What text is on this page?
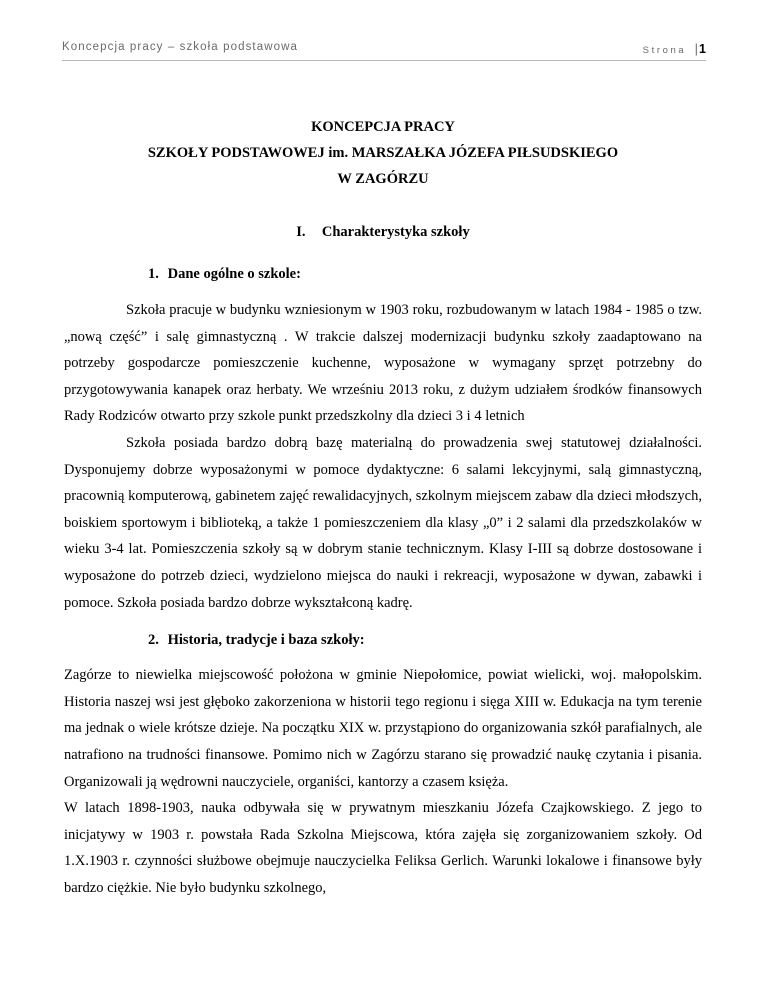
Koncepcja pracy – szkoła podstawowa	Strona |1
KONCEPCJA PRACY
SZKOŁY PODSTAWOWEJ im. MARSZAŁKA JÓZEFA PIŁSUDSKIEGO
W ZAGÓRZU
I. Charakterystyka szkoły
1. Dane ogólne o szkole:

Szkoła pracuje w budynku wzniesionym w 1903 roku, rozbudowanym w latach 1984 - 1985 o tzw. „nową część” i salę gimnastyczną . W trakcie dalszej modernizacji budynku szkoły zaadaptowano na potrzeby gospodarcze pomieszczenie kuchenne, wyposażone w wymagany sprzęt potrzebny do przygotowywania kanapek oraz herbaty. We wrześniu 2013 roku, z dużym udziałem środków finansowych Rady Rodziców otwarto przy szkole punkt przedszkolny dla dzieci 3 i 4 letnich

Szkoła posiada bardzo dobrą bazę materialną do prowadzenia swej statutowej działalności. Dysponujemy dobrze wyposażonymi w pomoce dydaktyczne: 6 salami lekcyjnymi, salą gimnastyczną, pracownią komputerową, gabinetem zajęć rewalidacyjnych, szkolnym miejscem zabaw dla dzieci młodszych, boiskiem sportowym i biblioteką, a także 1 pomieszczeniem dla klasy „0” i 2 salami dla przedszkolaków w wieku 3-4 lat. Pomieszczenia szkoły są w dobrym stanie technicznym. Klasy I-III są dobrze dostosowane i wyposażone do potrzeb dzieci, wydzielono miejsca do nauki i rekreacji, wyposażone w dywan, zabawki i pomoce. Szkoła posiada bardzo dobrze wykształconą kadrę.

2. Historia, tradycje i baza szkoły:

Zagórze to niewielka miejscowość położona w gminie Niepołomice, powiat wielicki, woj. małopolskim. Historia naszej wsi jest głęboko zakorzeniona w historii tego regionu i sięga XIII w. Edukacja na tym terenie ma jednak o wiele krótsze dzieje. Na początku XIX w. przystąpiono do organizowania szkół parafialnych, ale natrafiono na trudności finansowe. Pomimo nich w Zagórzu starano się prowadzić naukę czytania i pisania. Organizowali ją wędrowni nauczyciele, organiści, kantorzy a czasem księża.

W latach 1898-1903, nauka odbywała się w prywatnym mieszkaniu Józefa Czajkowskiego. Z jego to inicjatywy w 1903 r. powstała Rada Szkolna Miejscowa, która zajęła się zorganizowaniem szkoły. Od 1.X.1903 r. czynności służbowe obejmuje nauczycielka Feliksa Gerlich. Warunki lokalowe i finansowe były bardzo ciężkie. Nie było budynku szkolnego,
